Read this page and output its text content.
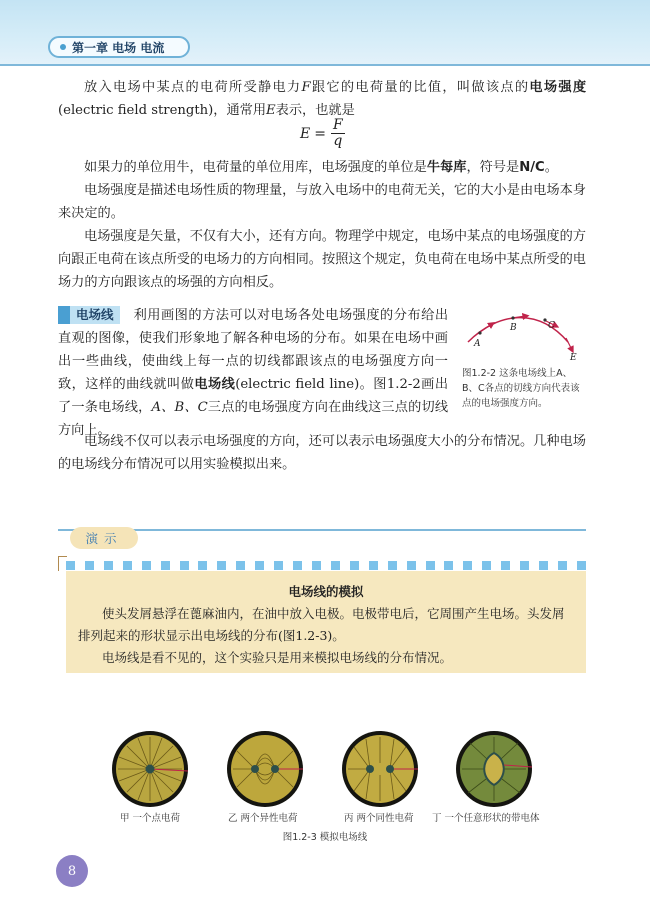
第一章 电场 电流

放入电场中某点的电荷所受静电力F跟它的电荷量的比值，叫做该点的电场强度(electric field strength)，通常用E表示，也就是

$E = \frac{F}{q}$

如果力的单位用牛，电荷量的单位用库，电场强度的单位是牛每库，符号是N/C。

电场强度是描述电场性质的物理量，与放入电场中的电荷无关，它的大小是由电场本身来决定的。

电场强度是矢量，不仅有大小，还有方向。物理学中规定，电场中某点的电场强度的方向跟正电荷在该点所受的电场力的方向相同。按照这个规定，负电荷在电场中某点所受的电场力的方向跟该点的场强的方向相反。

电场线 利用画图的方法可以对电场各处电场强度的分布给出直观的图像，使我们形象地了解各种电场的分布。如果在电场中画出一些曲线，使曲线上每一点的切线都跟该点的电场强度方向一致，这样的曲线就叫做电场线(electric field line)。图1.2-2画出了一条电场线，A、B、C三点的电场强度方向在曲线这三点的切线方向上。

A
B	C
E

图1.2-2 这条电场线上A、B、C各点的切线方向代表该点的电场强度方向。

电场线不仅可以表示电场强度的方向，还可以表示电场强度大小的分布情况。几种电场的电场线分布情况可以用实验模拟出来。

演示
电场线的模拟

使头发屑悬浮在蓖麻油内，在油中放入电极。电极带电后，它周围产生电场。头发屑排列起来的形状显示出电场线的分布(图1.2-3)。

电场线是看不见的，这个实验只是用来模拟电场线的分布情况。

甲 一个点电荷	乙 两个异性电荷	丙 两个同性电荷 丁 一个任意形状的带电体
图1.2-3 模拟电场线
8
